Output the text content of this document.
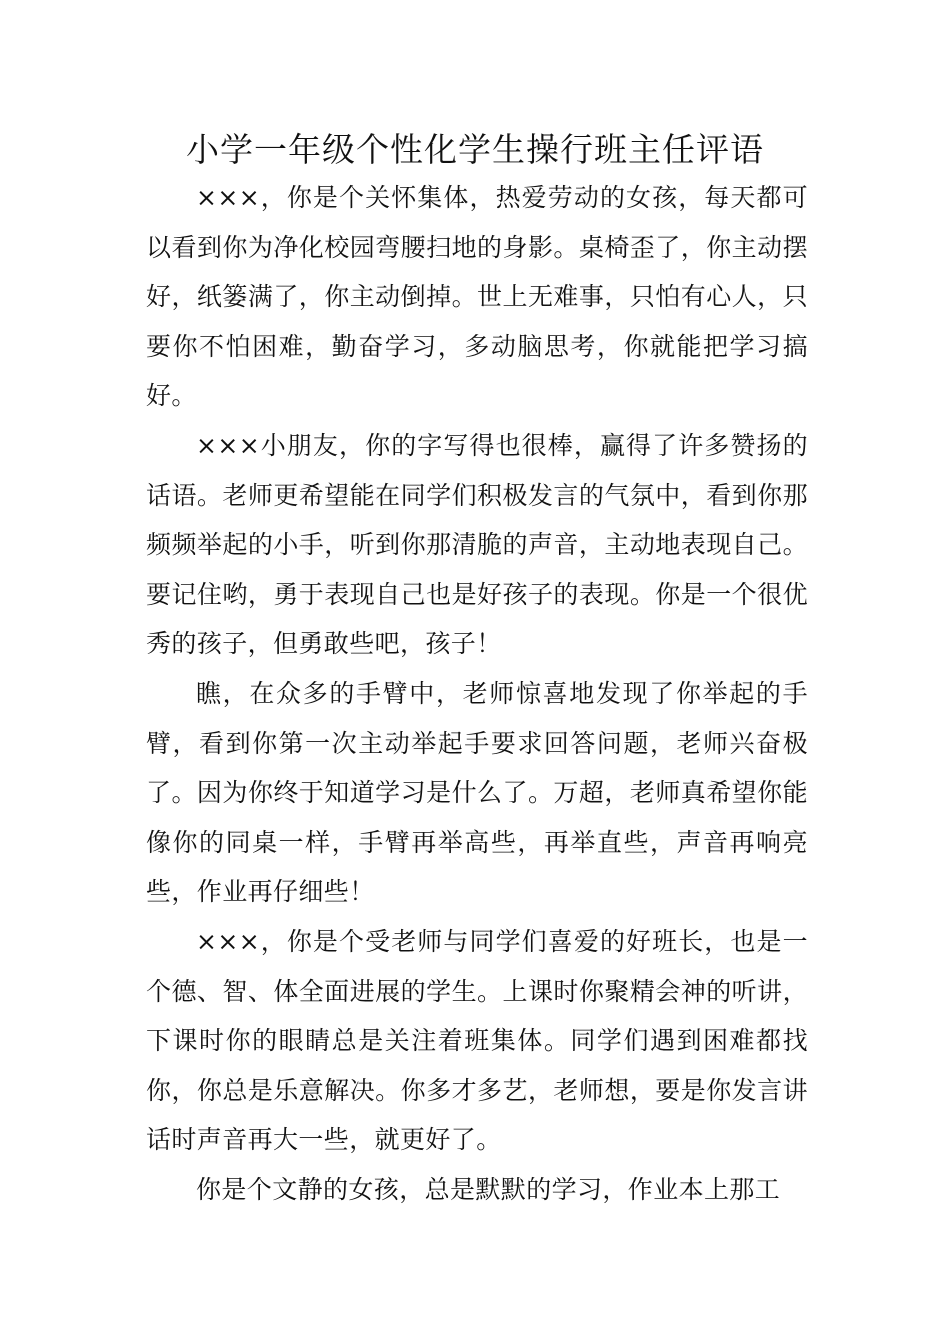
小学一年级个性化学生操行班主任评语

×××，你是个关怀集体，热爱劳动的女孩，每天都可以看到你为净化校园弯腰扫地的身影。桌椅歪了，你主动摆好，纸篓满了，你主动倒掉。世上无难事，只怕有心人，只要你不怕困难，勤奋学习，多动脑思考，你就能把学习搞好。

×××小朋友，你的字写得也很棒，赢得了许多赞扬的话语。老师更希望能在同学们积极发言的气氛中，看到你那频频举起的小手，听到你那清脆的声音，主动地表现自己。要记住哟，勇于表现自己也是好孩子的表现。你是一个很优秀的孩子，但勇敢些吧，孩子！

瞧，在众多的手臂中，老师惊喜地发现了你举起的手臂，看到你第一次主动举起手要求回答问题，老师兴奋极了。因为你终于知道学习是什么了。万超，老师真希望你能像你的同桌一样，手臂再举高些，再举直些，声音再响亮些，作业再仔细些！

×××，你是个受老师与同学们喜爱的好班长，也是一个德、智、体全面进展的学生。上课时你聚精会神的听讲，下课时你的眼睛总是关注着班集体。同学们遇到困难都找你，你总是乐意解决。你多才多艺，老师想，要是你发言讲话时声音再大一些，就更好了。

你是个文静的女孩，总是默默的学习，作业本上那工
